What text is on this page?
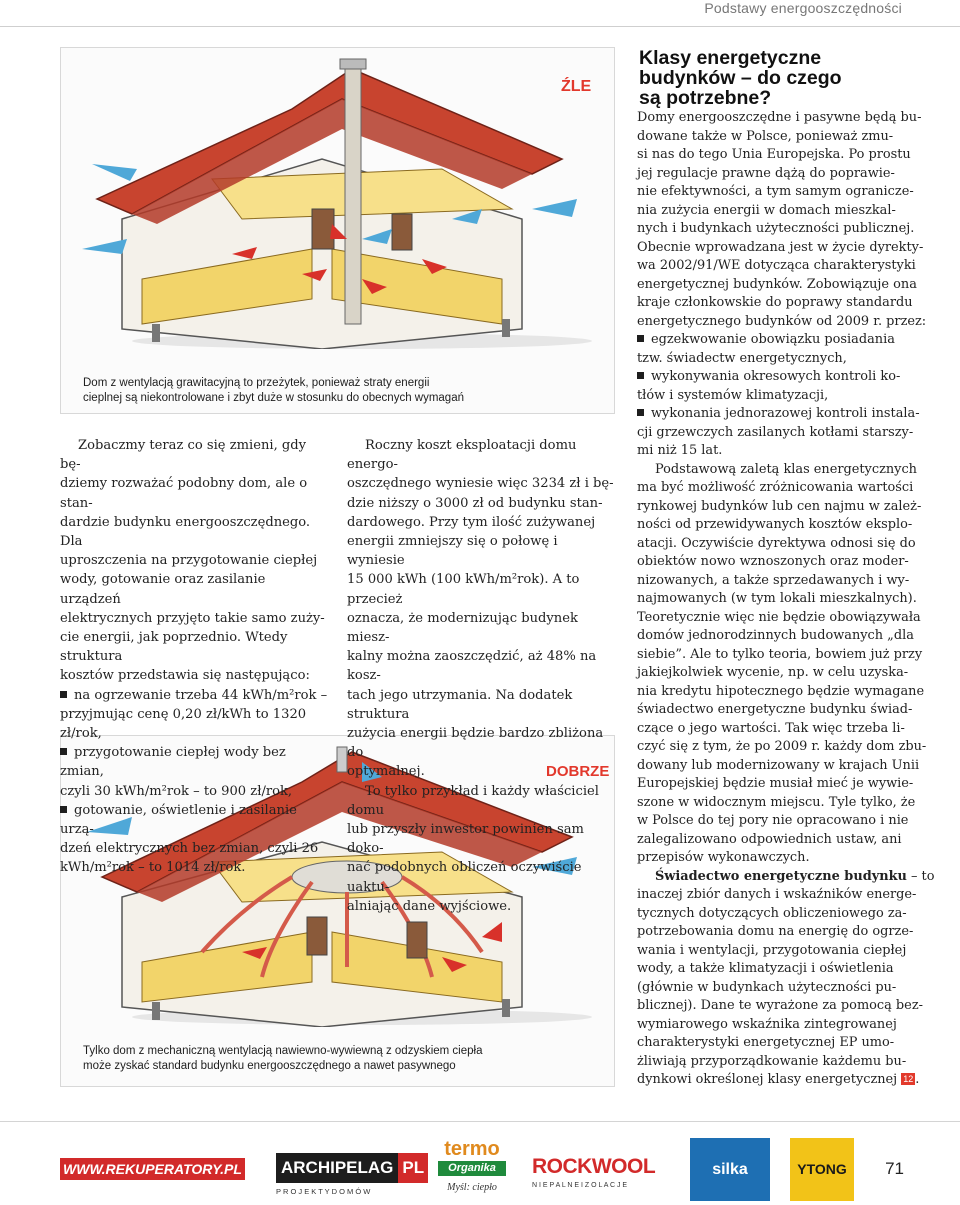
Podstawy energooszczędności
ŹLE
Dom z wentylacją grawitacyjną to przeżytek, ponieważ straty energii
cieplnej są niekontrolowane i zbyt duże w stosunku do obecnych wymagań
DOBRZE
Tylko dom z mechaniczną wentylacją nawiewno-wywiewną z odzyskiem ciepła
może zyskać standard budynku energooszczędnego a nawet pasywnego
Zobaczmy teraz co się zmieni, gdy bę-
dziemy rozważać podobny dom, ale o stan-
dardzie budynku energooszczędnego. Dla
uproszczenia na przygotowanie ciepłej
wody, gotowanie oraz zasilanie urządzeń
elektrycznych przyjęto takie samo zuży-
cie energii, jak poprzednio. Wtedy struktura
kosztów przedstawia się następująco:
na ogrzewanie trzeba 44 kWh/m²rok –
przyjmując cenę 0,20 zł/kWh to 1320 zł/rok,
przygotowanie ciepłej wody bez zmian,
czyli 30 kWh/m²rok – to 900 zł/rok,
gotowanie, oświetlenie i zasilanie urzą-
dzeń elektrycznych bez zmian, czyli 26
kWh/m²rok – to 1014 zł/rok.
Roczny koszt eksploatacji domu energo-
oszczędnego wyniesie więc 3234 zł i bę-
dzie niższy o 3000 zł od budynku stan-
dardowego. Przy tym ilość zużywanej
energii zmniejszy się o połowę i wyniesie
15 000 kWh (100 kWh/m²rok). A to przecież
oznacza, że modernizując budynek miesz-
kalny można zaoszczędzić, aż 48% na kosz-
tach jego utrzymania. Na dodatek struktura
zużycia energii będzie bardzo zbliżona do
optymalnej.
To tylko przykład i każdy właściciel domu
lub przyszły inwestor powinien sam doko-
nać podobnych obliczeń oczywiście uaktu-
alniając dane wyjściowe.
Klasy energetyczne
budynków – do czego
są potrzebne?
Domy energooszczędne i pasywne będą bu-
dowane także w Polsce, ponieważ zmu-
si nas do tego Unia Europejska. Po prostu
jej regulacje prawne dążą do poprawie-
nie efektywności, a tym samym ogranicze-
nia zużycia energii w domach mieszkal-
nych i budynkach użyteczności publicznej.
Obecnie wprowadzana jest w życie dyrekty-
wa 2002/91/WE dotycząca charakterystyki
energetycznej budynków. Zobowiązuje ona
kraje członkowskie do poprawy standardu
energetycznego budynków od 2009 r. przez:
egzekwowanie obowiązku posiadania
tzw. świadectw energetycznych,
wykonywania okresowych kontroli ko-
tłów i systemów klimatyzacji,
wykonania jednorazowej kontroli instala-
cji grzewczych zasilanych kotłami starszy-
mi niż 15 lat.
Podstawową zaletą klas energetycznych
ma być możliwość zróżnicowania wartości
rynkowej budynków lub cen najmu w zależ-
ności od przewidywanych kosztów eksplo-
atacji. Oczywiście dyrektywa odnosi się do
obiektów nowo wznoszonych oraz moder-
nizowanych, a także sprzedawanych i wy-
najmowanych (w tym lokali mieszkalnych).
Teoretycznie więc nie będzie obowiązywała
domów jednorodzinnych budowanych „dla
siebie”. Ale to tylko teoria, bowiem już przy
jakiejkolwiek wycenie, np. w celu uzyska-
nia kredytu hipotecznego będzie wymagane
świadectwo energetyczne budynku świad-
czące o jego wartości. Tak więc trzeba li-
czyć się z tym, że po 2009 r. każdy dom zbu-
dowany lub modernizowany w krajach Unii
Europejskiej będzie musiał mieć je wywie-
szone w widocznym miejscu. Tyle tylko, że
w Polsce do tej pory nie opracowano i nie
zalegalizowano odpowiednich ustaw, ani
przepisów wykonawczych.
Świadectwo energetyczne budynku – to
inaczej zbiór danych i wskaźników energe-
tycznych dotyczących obliczeniowego za-
potrzebowania domu na energię do ogrze-
wania i wentylacji, przygotowania ciepłej
wody, a także klimatyzacji i oświetlenia
(głównie w budynkach użyteczności pu-
blicznej). Dane te wyrażone za pomocą bez-
wymiarowego wskaźnika zintegrowanej
charakterystyki energetycznej EP umo-
żliwiają przyporządkowanie każdemu bu-
dynkowi określonej klasy energetycznej 12 .
WWW.REKUPERATORY.PL ARCHIPELAG PL
P R O J E K T Y D O M Ó W
termo
Organika
Myśl: ciepło
ROCKWOOL
N I E P A L N E I Z O L A C J E
silka	YTONG	71
